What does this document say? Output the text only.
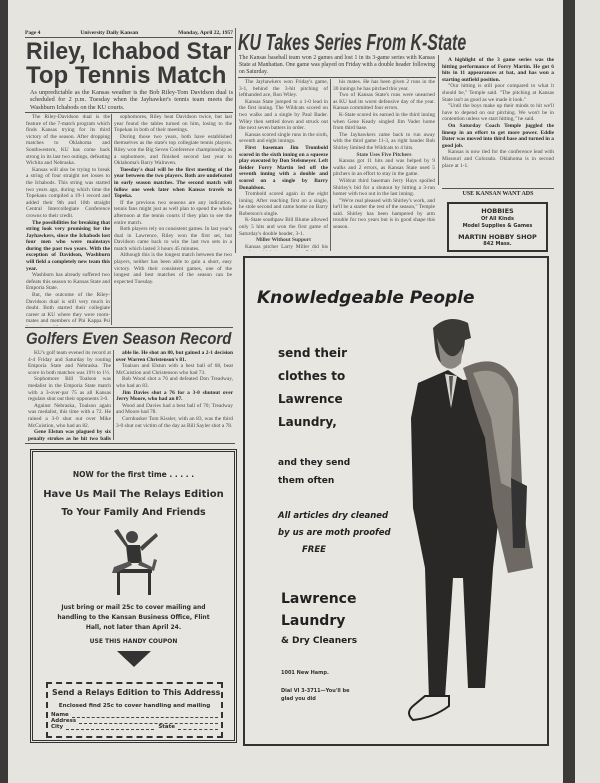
Page 4	University Daily Kansan	Monday, April 22, 1957
Riley, Ichabod Star
Top Tennis Match
As unpredictable as the Kansas weather is the Bob Riley-Tom Davidson dual is scheduled for 2 p.m. Tuesday when the Jayhawker's tennis team meets the Washburn Ichabods on the KU courts.

The Riley-Davidson dual is the feature of the 7-match program which finds Kansas trying for its third victory of the season. After dropping matches to Oklahoma and Southwestern, KU has come back strong in its last two outings, defeating Wichita and Nebraska.

Kansas will also be trying to break a string of four straight net losses to the Ichabods. This string was started two years ago, during which time the Topekans compiled a 19-1 record and added their 9th and 10th straight Central Intercollegiate Conference crowns to their credit.

The possibilities for breaking that string look very promising for the Jayhawkers, since the Ichabods lost four men who were mainstays during the past two years. With the exception of Davidson, Washburn will field a completely new team this year.

Washburn has already suffered two defeats this season to Kansas State and Emporia State.

But, the outcome of the Riley-Davidson dual is still very much in doubt. Both started their collegiate career at KU where they were room-mates and members of Phi Kappa Psi

sophomores, Riley beat Davidson twice, but last year found the tables turned on him, losing to the Topekan in both of their meetings.

During those two years, both have established themselves as the state's top collegiate tennis players. Riley won the Big Seven Conference championship as a sophomore, and finished second last year to Oklahoma's Barry Walraven.

Tuesday's dual will be the first meeting of the year between the two players. Both are undefeated in early season matches. The second match will follow one week later when Kansas travels to Topeka.

If the previous two seasons are any indication, tennis fans might just as well plan to spend the whole afternoon at the tennis courts if they plan to see the entire match.

Both players rely on consistent games. In last year's dual in Lawrence, Riley won the first set, but Davidson came back to win the last two sets in a match which lasted 3 hours 45 minutes.

Although this is the longest match between the two players, neither has been able to gain a short, easy victory. With their consistent games, one of the longest and best matches of the season can be expected Tuesday.

Golfers Even Season Record

KU's golf team evened its record at 4-4 Friday and Saturday by routing Emporia State and Nebraska. The score in both matches was 19½ to 1½.

Sophomore Bill Toalson was medalist in the Emporia State match with a 3-over-par 75 as all Kansas regulars shut out their opponents 3-0.

Against Nebraska, Toalson again was medalist, this time with a 72. He rained a 3-0 shut out over Mike McCuistion, who had an 82.

Gene Elstun was plagued by six penalty strokes as he hit two balls

able lie. He shot an 80, but gained a 2-1 decision over Warren Christenson's 81.

Toalson and Elstun with a best ball of 68, beat McCuistion and Christenson who had 73.

Bob Wood shot a 76 and defeated Don Treadway, who had an 83.

Jim Davies shot a 76 for a 3-0 shutout over Jerry Moore, who had an 87.

Wood and Davies had a best ball of 70; Treadway and Moore had 78.

Cornhusker Tom Kissler, with an 83, was the third 3-0 shut out victim of the day as Bill Sayler shot a 78.

NOW for the first time . . . . .
Have Us Mail The Relays Edition
To Your Family And Friends
Just bring or mail 25c to cover mailing and handling to the Kansan Business Office, Flint Hall, not later than April 24.
USE THIS HANDY COUPON
Send a Relays Edition to This Address
Enclosed find 25c to cover handling and mailing
Name
Address
City	State
KU Takes Series From K-State
The Kansas baseball team won 2 games and lost 1 in its 3-game series with Kansas State at Manhattan. One game was played on Friday with a double header following on Saturday.

The Jayhawkers won Friday's game, 3-1, behind the 3-hit pitching of lefthanded ace, Ron Wiley.

Kansas State jumped to a 1-0 lead in the first inning. The Wildcats scored on two walks and a single by Paul Bader. Wiley then settled down and struck out the next seven batters in order.

Kansas scored single runs in the sixth, seventh and eight innings.

First baseman Jim Trombold scored in the sixth inning on a squeeze play executed by Don Stelsmeyer. Left fielder Forry Martin led off the seventh inning with a double and scored on a single by Barry Donaldson.

Trombold scored again in the eight inning. After reaching first on a single, he stole second and came home on Barry Roberson's single.

K-State southpaw Bill Blume allowed only 5 hits and won the first game of Saturday's double header, 3-1.

Miller Without Support

Kansas pitcher Larry Miller did his

his mates. He has been given 2 runs in the 30 innings he has pitched this year.

Two of Kansas State's runs were unearned as KU had its worst defensive day of the year. Kansas committed four errors.

K-State scored its earned in the third inning when Gene Keady singled Jim Vader home from third base.

The Jayhawkers came back to run away with the third game 11-3, as right hander Bob Shirley limited the Wildcats to 4 hits.

State Uses Five Pitchers

Kansas got 11 hits and was helped by 9 walks and 2 errors, as Kansas State used 5 pitchers in an effort to stay in the game.

Wildcat third baseman Jerry Hays spoiled Shirley's bid for a shutout by hitting a 3-run homer with two out in the last inning.

"We're real pleased with Shirley's work, and he'll be a starter the rest of the season," Temple said. Shirley has been hampered by arm trouble for two years but is in good shape this season.

A highlight of the 3 game series was the hitting performance of Forry Martin. He got 6 hits in 11 appearances at bat, and has won a starting outfield position.

"Our hitting is still poor compared to what it should be," Temple said. "The pitching at Kansas State isn't as good as we made it look."

"Until the boys make up their minds to hit we'll have to depend on our pitching. We won't be in contention unless we start hitting," he said.

On Saturday Coach Temple juggled the lineup in an effort to get more power. Eddie Dater was moved into third base and turned in a good job.

Kansas is now tied for the conference lead with Missouri and Colorado. Oklahoma is in second place at 1-1.

USE KANSAN WANT ADS
HOBBIES
Of All Kinds
Model Supplies & Games
MARTIN HOBBY SHOP
842 Mass.
Knowledgeable People
send their
clothes to
Lawrence
Laundry,
and they send
them often
All articles dry cleaned
by us are moth proofed
FREE
Lawrence
Laundry
& Dry Cleaners
1001 New Hamp.
Dial VI 3-3711—You'll be
glad you did
